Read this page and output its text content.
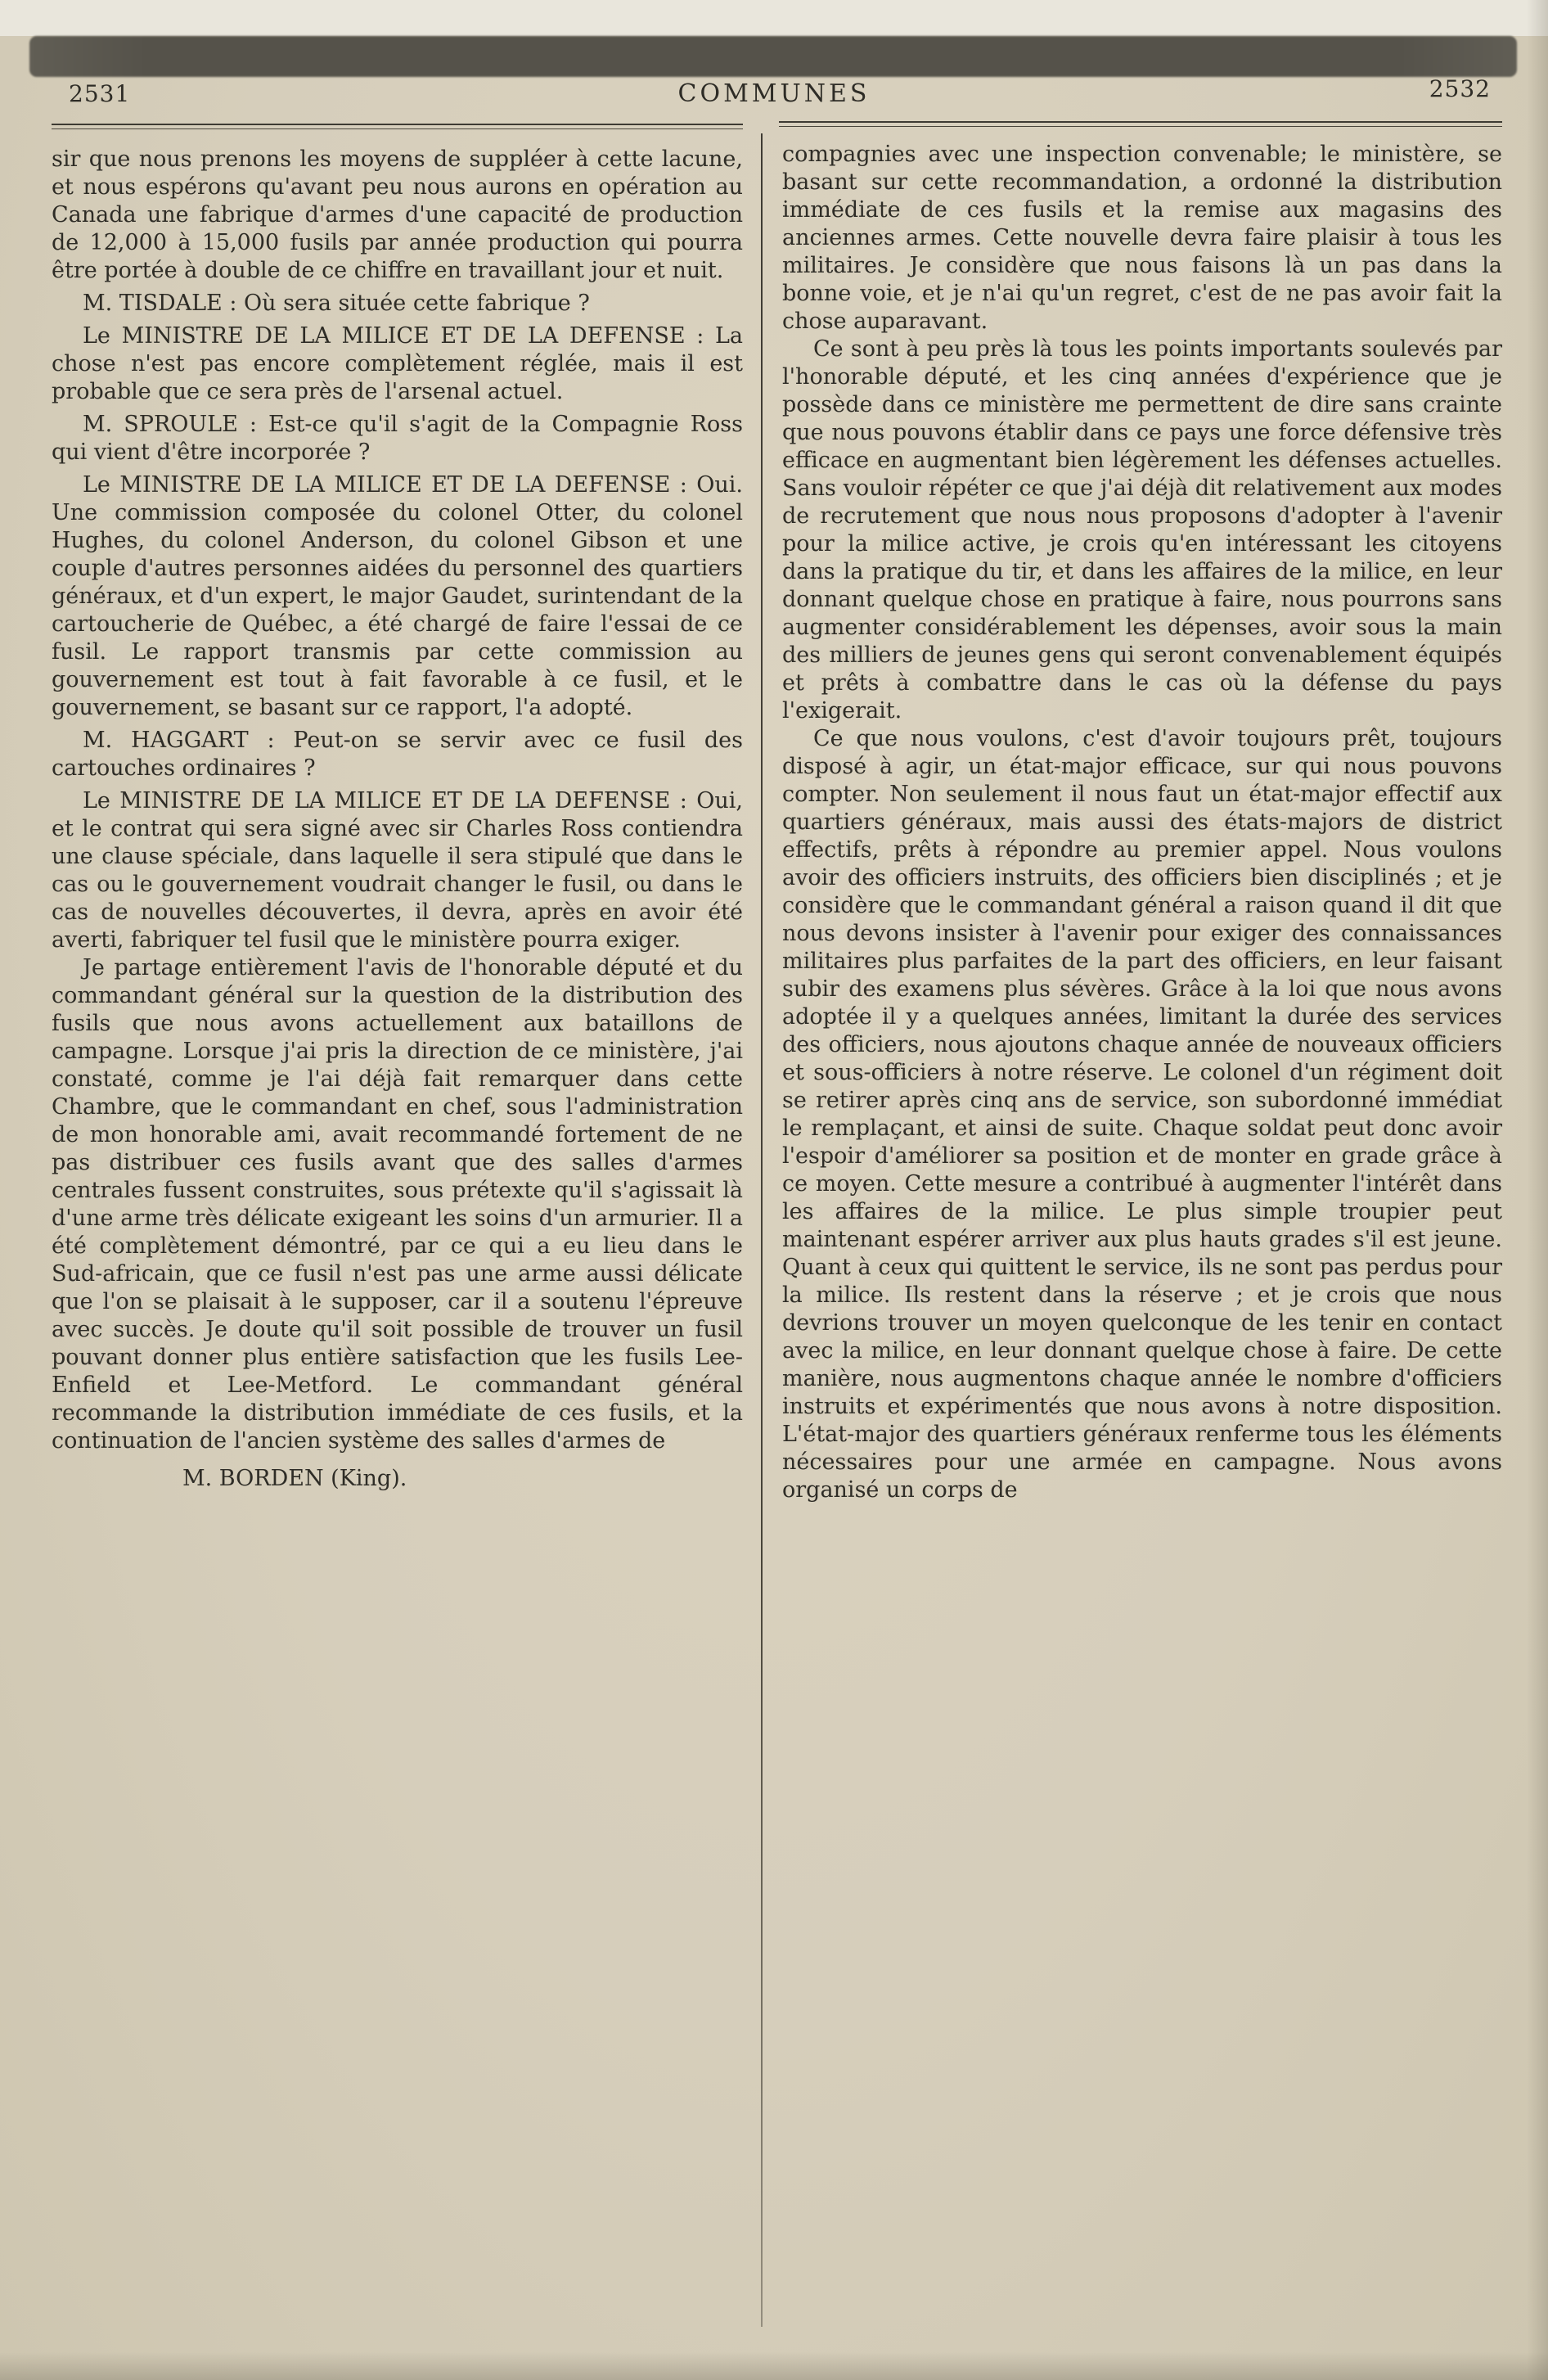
2531	COMMUNES	2532

sir que nous prenons les moyens de suppléer à cette lacune, et nous espérons qu'avant peu nous aurons en opération au Canada une fabrique d'armes d'une capacité de production de 12,000 à 15,000 fusils par année production qui pourra être portée à double de ce chiffre en travaillant jour et nuit.

M. TISDALE : Où sera située cette fabrique ?

Le MINISTRE DE LA MILICE ET DE LA DEFENSE : La chose n'est pas encore complètement réglée, mais il est probable que ce sera près de l'arsenal actuel.

M. SPROULE : Est-ce qu'il s'agit de la Compagnie Ross qui vient d'être incorporée ?

Le MINISTRE DE LA MILICE ET DE LA DEFENSE : Oui. Une commission composée du colonel Otter, du colonel Hughes, du colonel Anderson, du colonel Gibson et une couple d'autres personnes aidées du personnel des quartiers généraux, et d'un expert, le major Gaudet, surintendant de la cartoucherie de Québec, a été chargé de faire l'essai de ce fusil. Le rapport transmis par cette commission au gouvernement est tout à fait favorable à ce fusil, et le gouvernement, se basant sur ce rapport, l'a adopté.

M. HAGGART : Peut-on se servir avec ce fusil des cartouches ordinaires ?

Le MINISTRE DE LA MILICE ET DE LA DEFENSE : Oui, et le contrat qui sera signé avec sir Charles Ross contiendra une clause spéciale, dans laquelle il sera stipulé que dans le cas ou le gouvernement voudrait changer le fusil, ou dans le cas de nouvelles découvertes, il devra, après en avoir été averti, fabriquer tel fusil que le ministère pourra exiger.

Je partage entièrement l'avis de l'honorable député et du commandant général sur la question de la distribution des fusils que nous avons actuellement aux bataillons de campagne. Lorsque j'ai pris la direction de ce ministère, j'ai constaté, comme je l'ai déjà fait remarquer dans cette Chambre, que le commandant en chef, sous l'administration de mon honorable ami, avait recommandé fortement de ne pas distribuer ces fusils avant que des salles d'armes centrales fussent construites, sous prétexte qu'il s'agissait là d'une arme très délicate exigeant les soins d'un armurier. Il a été complètement démontré, par ce qui a eu lieu dans le Sud-africain, que ce fusil n'est pas une arme aussi délicate que l'on se plaisait à le supposer, car il a soutenu l'épreuve avec succès. Je doute qu'il soit possible de trouver un fusil pouvant donner plus entière satisfaction que les fusils Lee-Enfield et Lee-Metford. Le commandant général recommande la distribution immédiate de ces fusils, et la continuation de l'ancien système des salles d'armes de

M. BORDEN (King).

compagnies avec une inspection convenable; le ministère, se basant sur cette recommandation, a ordonné la distribution immédiate de ces fusils et la remise aux magasins des anciennes armes. Cette nouvelle devra faire plaisir à tous les militaires. Je considère que nous faisons là un pas dans la bonne voie, et je n'ai qu'un regret, c'est de ne pas avoir fait la chose auparavant.

Ce sont à peu près là tous les points importants soulevés par l'honorable député, et les cinq années d'expérience que je possède dans ce ministère me permettent de dire sans crainte que nous pouvons établir dans ce pays une force défensive très efficace en augmentant bien légèrement les défenses actuelles. Sans vouloir répéter ce que j'ai déjà dit relativement aux modes de recrutement que nous nous proposons d'adopter à l'avenir pour la milice active, je crois qu'en intéressant les citoyens dans la pratique du tir, et dans les affaires de la milice, en leur donnant quelque chose en pratique à faire, nous pourrons sans augmenter considérablement les dépenses, avoir sous la main des milliers de jeunes gens qui seront convenablement équipés et prêts à combattre dans le cas où la défense du pays l'exigerait.

Ce que nous voulons, c'est d'avoir toujours prêt, toujours disposé à agir, un état-major efficace, sur qui nous pouvons compter. Non seulement il nous faut un état-major effectif aux quartiers généraux, mais aussi des états-majors de district effectifs, prêts à répondre au premier appel. Nous voulons avoir des officiers instruits, des officiers bien disciplinés ; et je considère que le commandant général a raison quand il dit que nous devons insister à l'avenir pour exiger des connaissances militaires plus parfaites de la part des officiers, en leur faisant subir des examens plus sévères. Grâce à la loi que nous avons adoptée il y a quelques années, limitant la durée des services des officiers, nous ajoutons chaque année de nouveaux officiers et sous-officiers à notre réserve. Le colonel d'un régiment doit se retirer après cinq ans de service, son subordonné immédiat le remplaçant, et ainsi de suite. Chaque soldat peut donc avoir l'espoir d'améliorer sa position et de monter en grade grâce à ce moyen. Cette mesure a contribué à augmenter l'intérêt dans les affaires de la milice. Le plus simple troupier peut maintenant espérer arriver aux plus hauts grades s'il est jeune. Quant à ceux qui quittent le service, ils ne sont pas perdus pour la milice. Ils restent dans la réserve ; et je crois que nous devrions trouver un moyen quelconque de les tenir en contact avec la milice, en leur donnant quelque chose à faire. De cette manière, nous augmentons chaque année le nombre d'officiers instruits et expérimentés que nous avons à notre disposition. L'état-major des quartiers généraux renferme tous les éléments nécessaires pour une armée en campagne. Nous avons organisé un corps de
